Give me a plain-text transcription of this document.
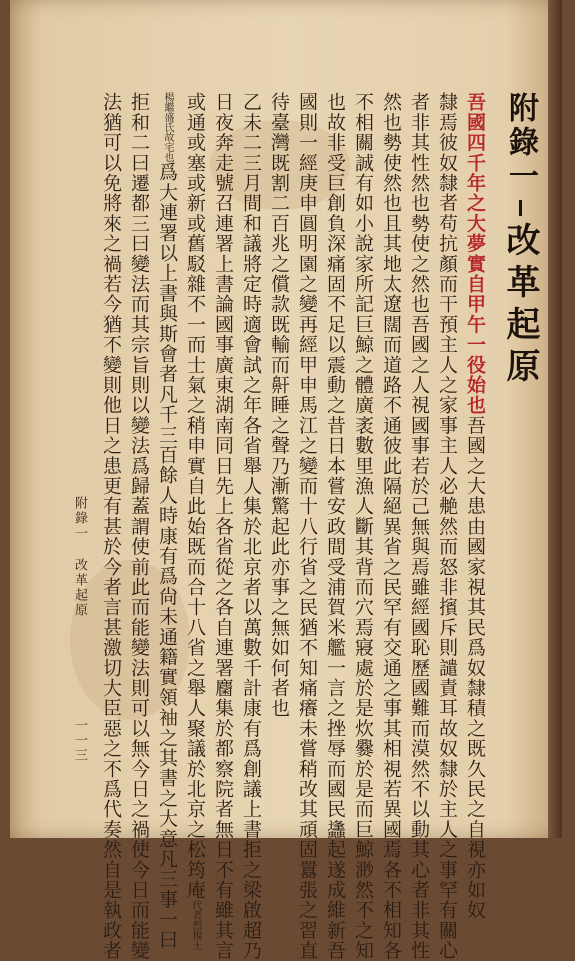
附錄一改革起原
吾國四千年之大夢實自甲午一役始也吾國之大患由國家視其民爲奴隸積之既久民之自視亦如奴
隸焉彼奴隸者苟抗顏而干預主人之家事主人必艴然而怒非擯斥則譴責耳故奴隸於主人之事罕有關心
者非其性然也勢使之然也吾國之人視國事若於己無與焉雖經國恥歷國難而漠然不以動其心者非其性
然也勢使然也且其地太遼闊而道路不通彼此隔絕異省之民罕有交通之事其相視若異國焉各不相知各
不相關誠有如小說家所記巨鯨之體廣袤數里漁人斷其背而穴焉寢處於是炊爨於是而巨鯨渺然不之知
也故非受巨創負深痛固不足以震動之昔日本嘗安政間受浦賀米艦一言之挫辱而國民蠭起遂成維新吾
國則一經庚申圓明園之變再經甲申馬江之變而十八行省之民猶不知痛癢未嘗稍改其頑固囂張之習直
待臺灣既割二百兆之償款既輸而鼾睡之聲乃漸驚起此亦事之無如何者也
乙未二三月間和議將定時適會試之年各省舉人集於北京者以萬數千計康有爲創議上書拒之梁啟超乃
日夜奔走號召連署上書論國事廣東湖南同日先上各省從之各自連署麕集於都察院者無日不有雖其言
或通或塞或新或舊駁雜不一而士氣之稍申實自此始既而合十八省之舉人聚議於北京之松筠庵代者烈楊士
楊繼盛氏故宅也爲大連署以上書與斯會者凡千三百餘人時康有爲尙未通籍實領袖之其書之大意凡三事一曰
拒和二曰遷都三曰變法而其宗旨則以變法爲歸蓋謂使前此而能變法則可以無今日之禍使今日而能變
法猶可以免將來之禍若今猶不變則他日之患更有甚於今者言甚激切大臣惡之不爲代奏然自是執政者
附錄一 改革起原
一一三
